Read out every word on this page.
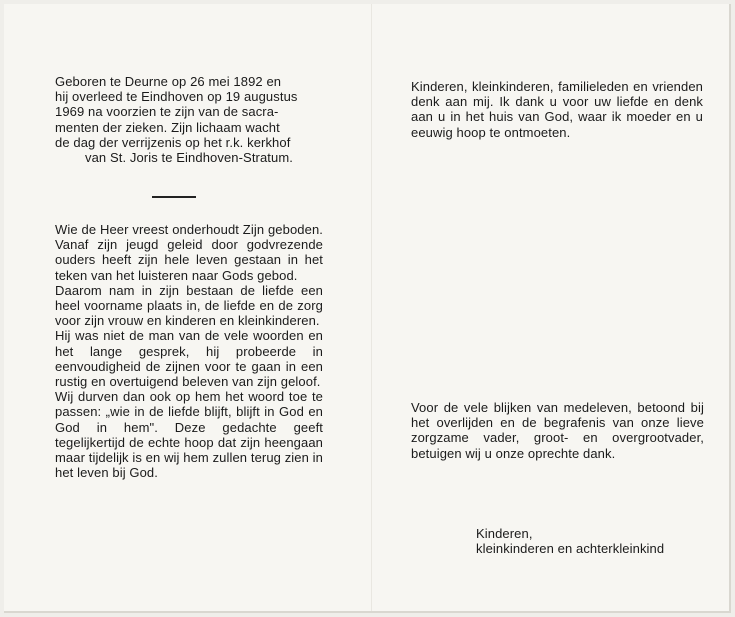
Geboren te Deurne op 26 mei 1892 en
hij overleed te Eindhoven op 19 augustus
1969 na voorzien te zijn van de sacra-
menten der zieken. Zijn lichaam wacht
de dag der verrijzenis op het r.k. kerkhof
van St. Joris te Eindhoven-Stratum.

Wie de Heer vreest onderhoudt Zijn geboden. Vanaf zijn jeugd geleid door godvrezende ouders heeft zijn hele leven gestaan in het teken van het luisteren naar Gods gebod.

Daarom nam in zijn bestaan de liefde een heel voorname plaats in, de liefde en de zorg voor zijn vrouw en kinderen en kleinkinderen.

Hij was niet de man van de vele woorden en het lange gesprek, hij probeerde in eenvoudigheid de zijnen voor te gaan in een rustig en overtuigend beleven van zijn geloof.

Wij durven dan ook op hem het woord toe te passen: „wie in de liefde blijft, blijft in God en God in hem". Deze gedachte geeft tegelijkertijd de echte hoop dat zijn heengaan maar tijdelijk is en wij hem zullen terug zien in het leven bij God.

Kinderen, kleinkinderen, familieleden en vrienden denk aan mij. Ik dank u voor uw liefde en denk aan u in het huis van God, waar ik moeder en u eeuwig hoop te ontmoeten.

Voor de vele blijken van medeleven, betoond bij het overlijden en de begrafenis van onze lieve zorgzame vader, groot- en overgrootvader, betuigen wij u onze oprechte dank.

Kinderen,
kleinkinderen en achterkleinkind
